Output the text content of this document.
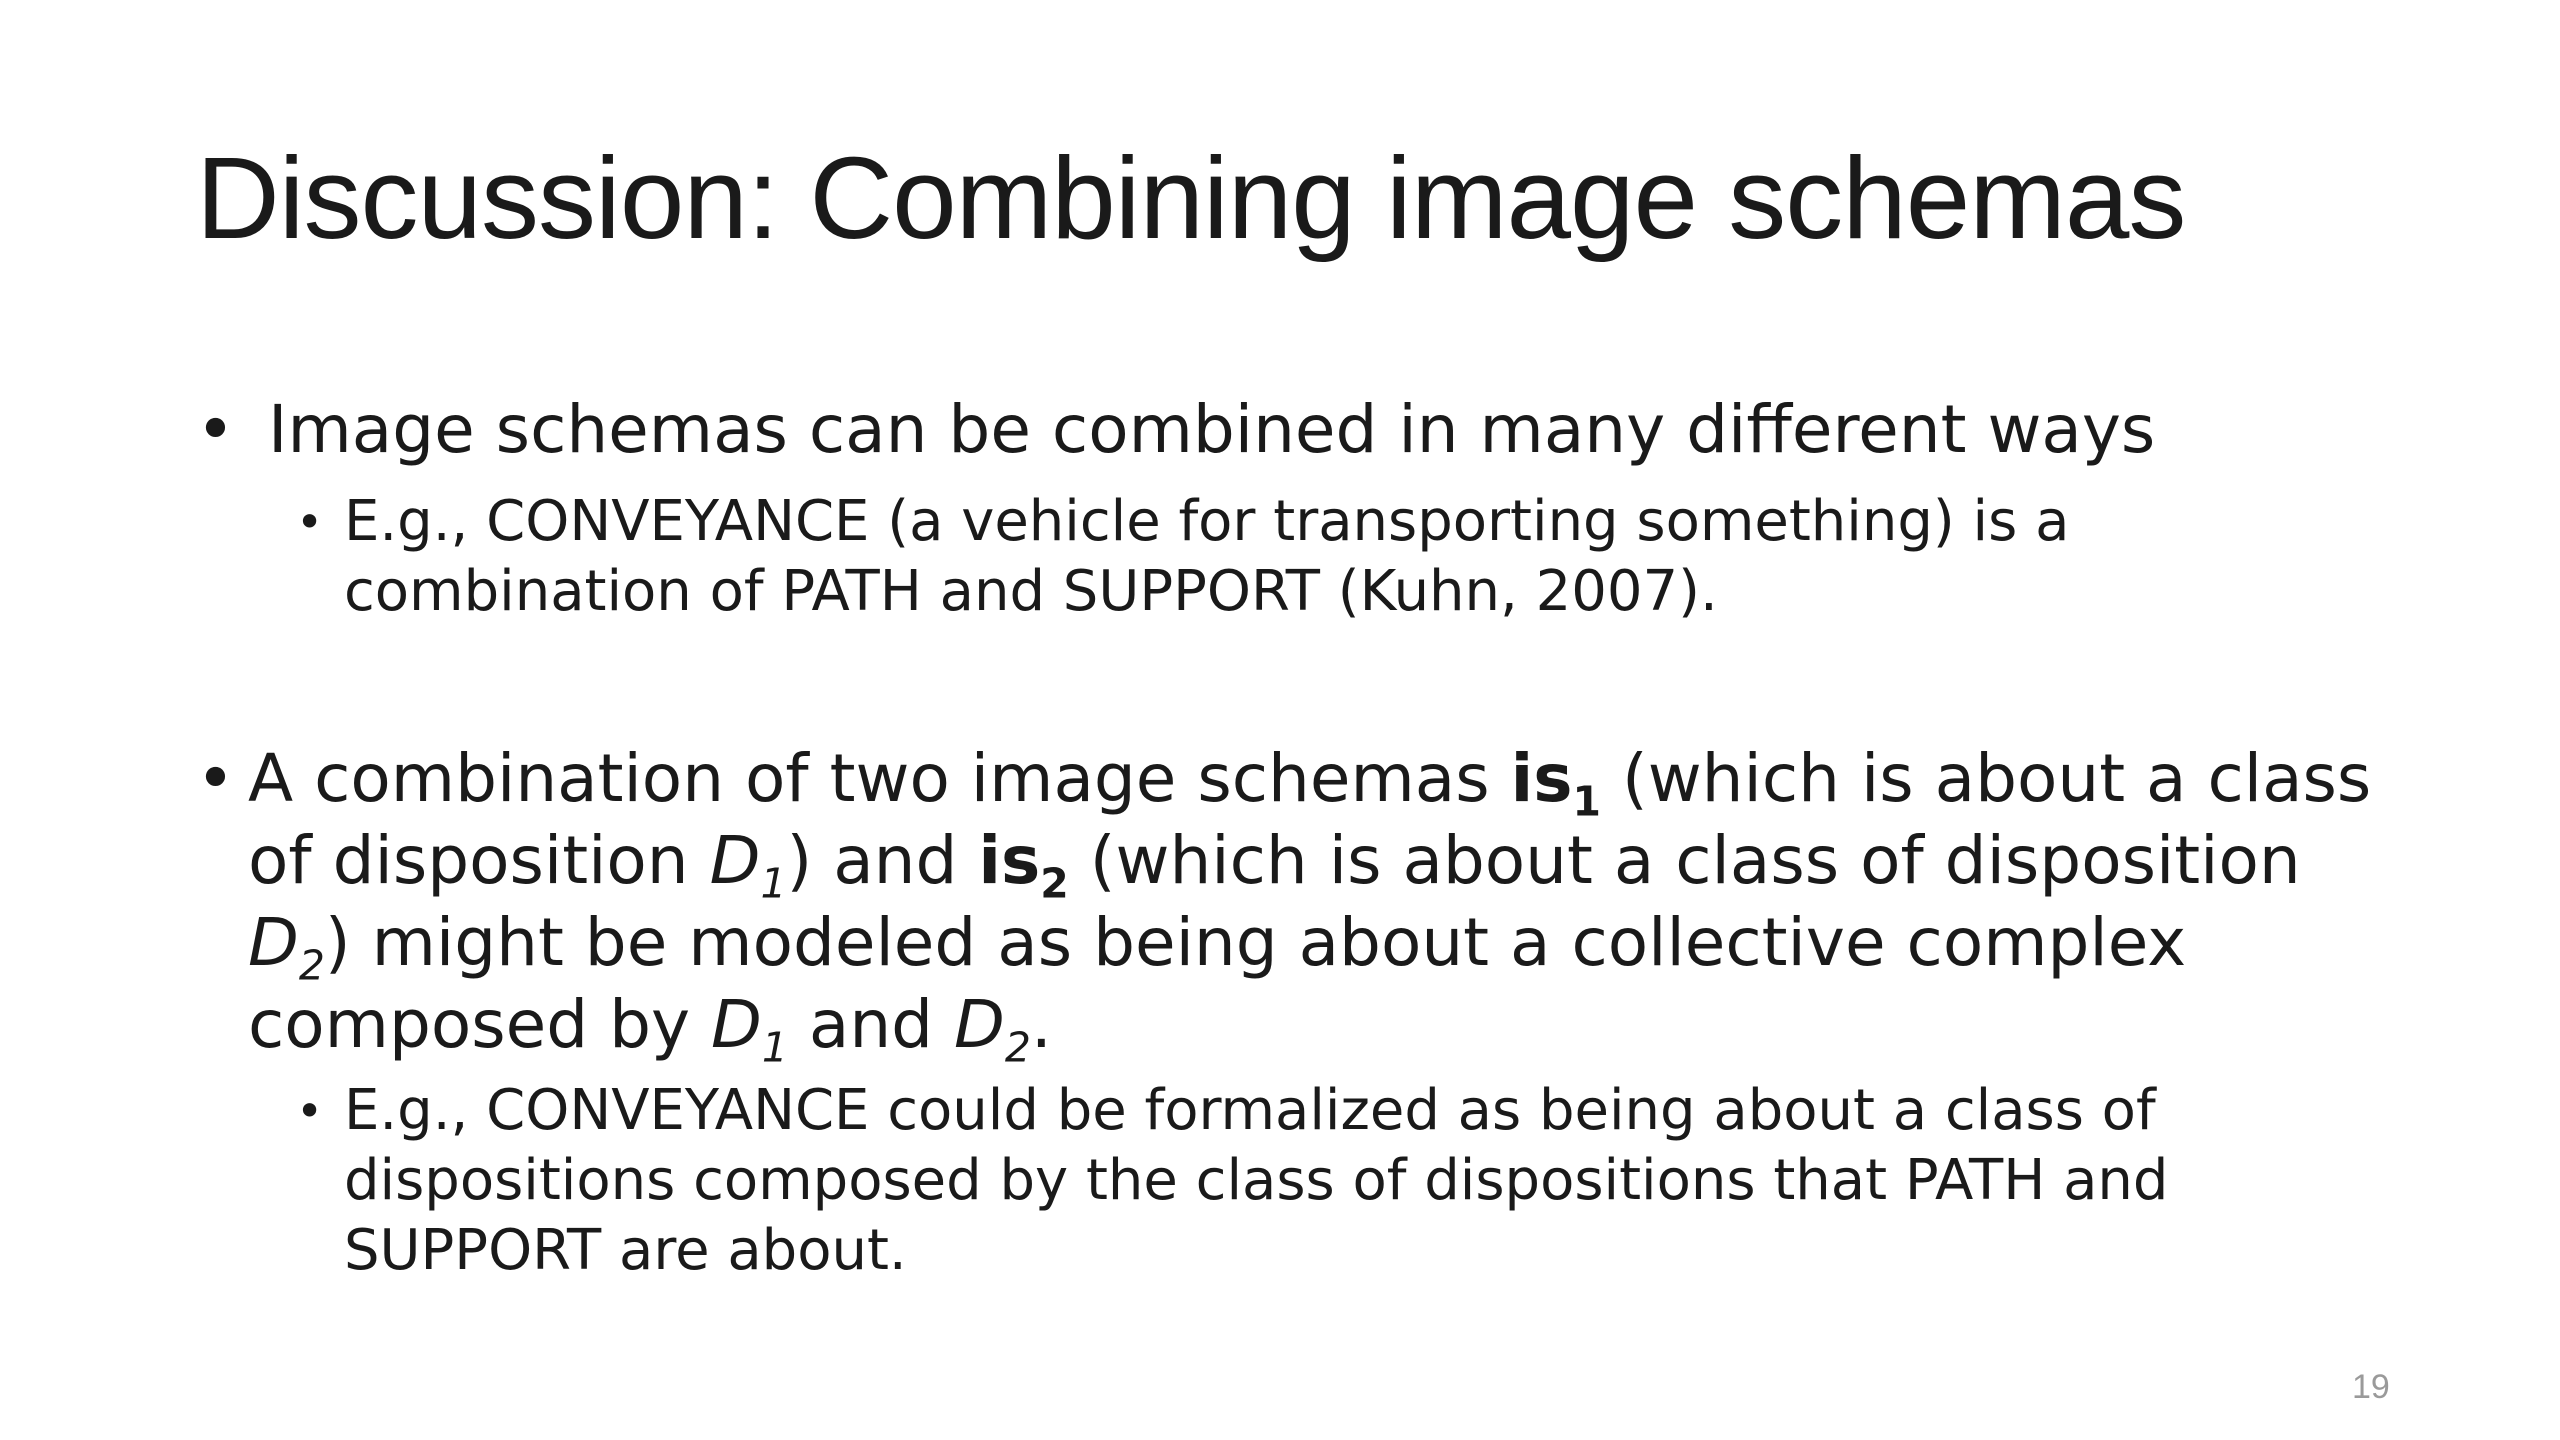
Discussion: Combining image schemas
• Image schemas can be combined in many different ways
• E.g., CONVEYANCE (a vehicle for transporting something) is a combination of PATH and SUPPORT (Kuhn, 2007).
• A combination of two image schemas $is_1$ (which is about a class of disposition $D_1$) and $is_2$ (which is about a class of disposition $D_2$) might be modeled as being about a collective complex composed by $D_1$ and $D_2$.
• E.g., CONVEYANCE could be formalized as being about a class of dispositions composed by the class of dispositions that PATH and SUPPORT are about.
19
